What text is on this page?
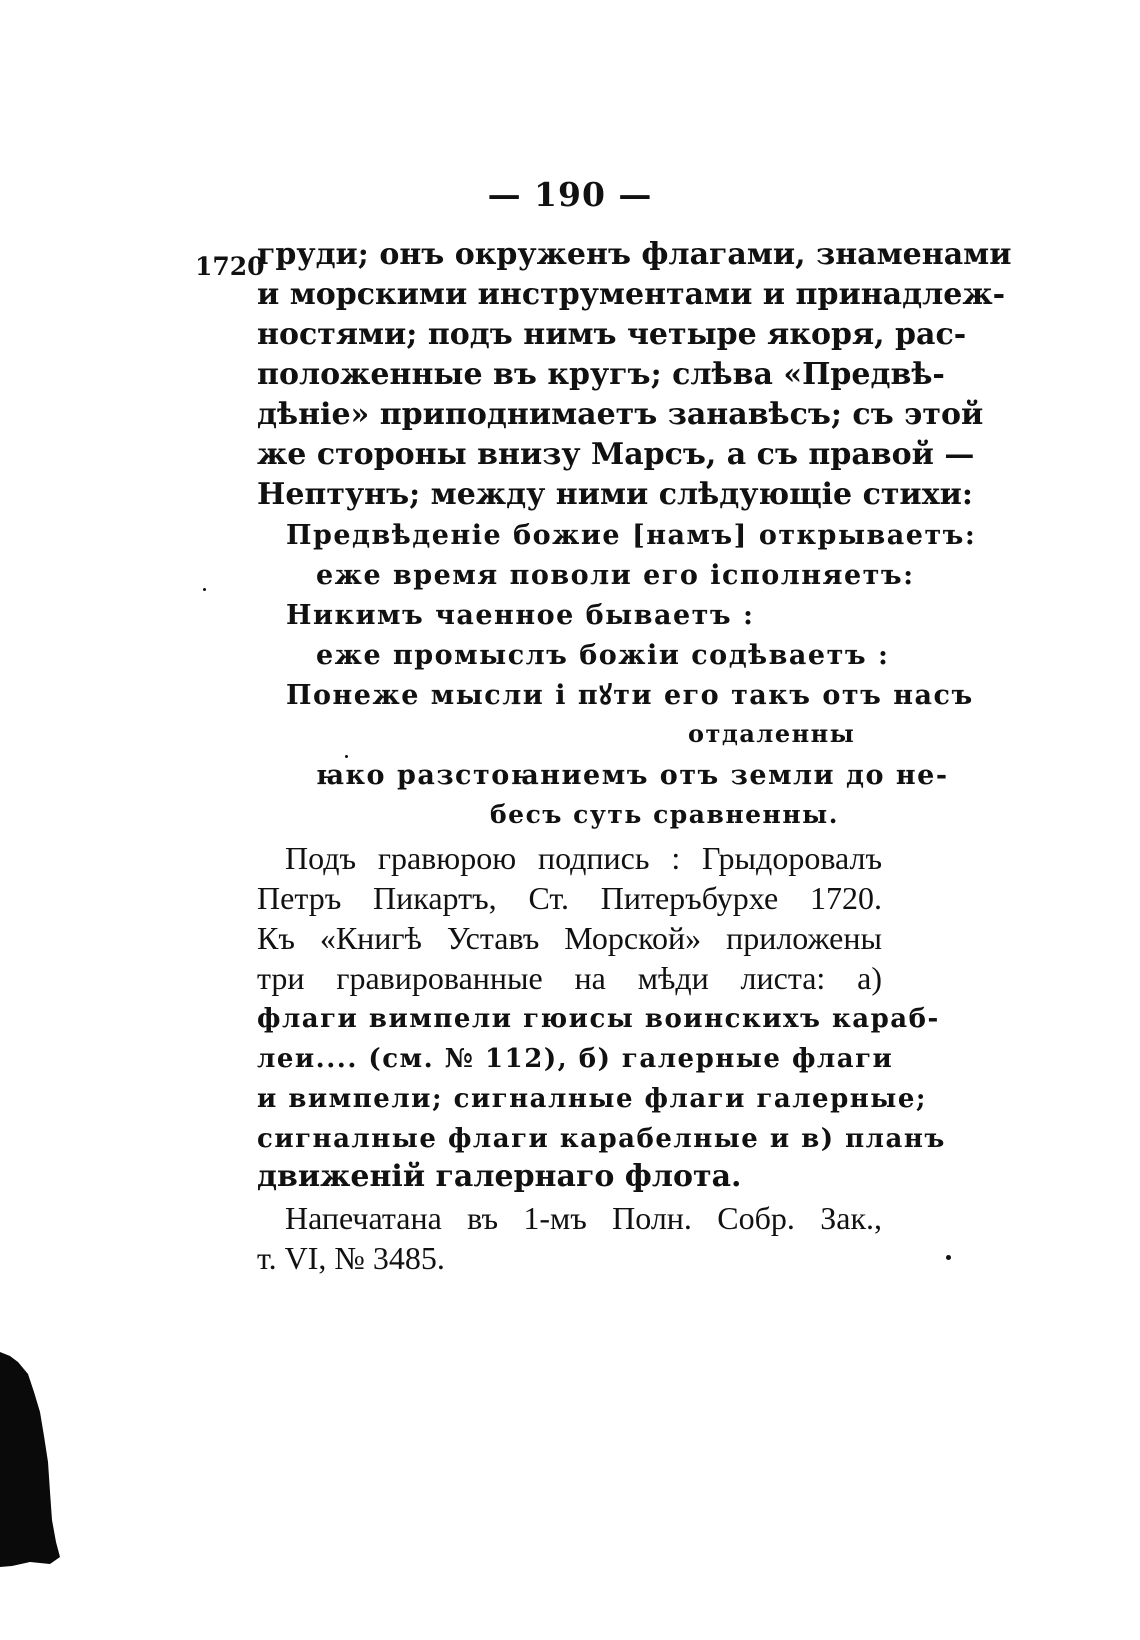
— 190 —
1720
груди; онъ окруженъ флагами, знаменами
и морскими инструментами и принадлеж-
ностями; подъ нимъ четыре якоря, рас-
положенные въ кругъ; слѣва «Предвѣ-
дѣніе» приподнимаетъ занавѣсъ; съ этой
же стороны внизу Марсъ, а съ правой —
Нептунъ; между ними слѣдующіе стихи:
Предвѣденіе божие [намъ] открываетъ:
еже время поволи его ісполняетъ:
Никимъ чаенное бываетъ :
еже промыслъ божіи содѣваетъ :
Понеже мысли і пꙋти его такъ отъ насъ
отдаленны
ꙗко разстоꙗниемъ отъ земли до не-
бесъ суть сравненны.
Подъ гравюрою подпись : Грыдоровалъ
Петръ Пикартъ, Ст. Питеръбурхе 1720.
Къ «Книгѣ Уставъ Морской» приложены
три гравированные на мѣди листа: а)
флаги вимпели гюисы воинскихъ караб-
леи.... (см. № 112), б) галерные флаги
и вимпели; сигналные флаги галерные;
сигналные флаги карабелные и в) планъ
движеній галернаго флота.
Напечатана въ 1-мъ Полн. Собр. Зак.,
т. VI, № 3485.
